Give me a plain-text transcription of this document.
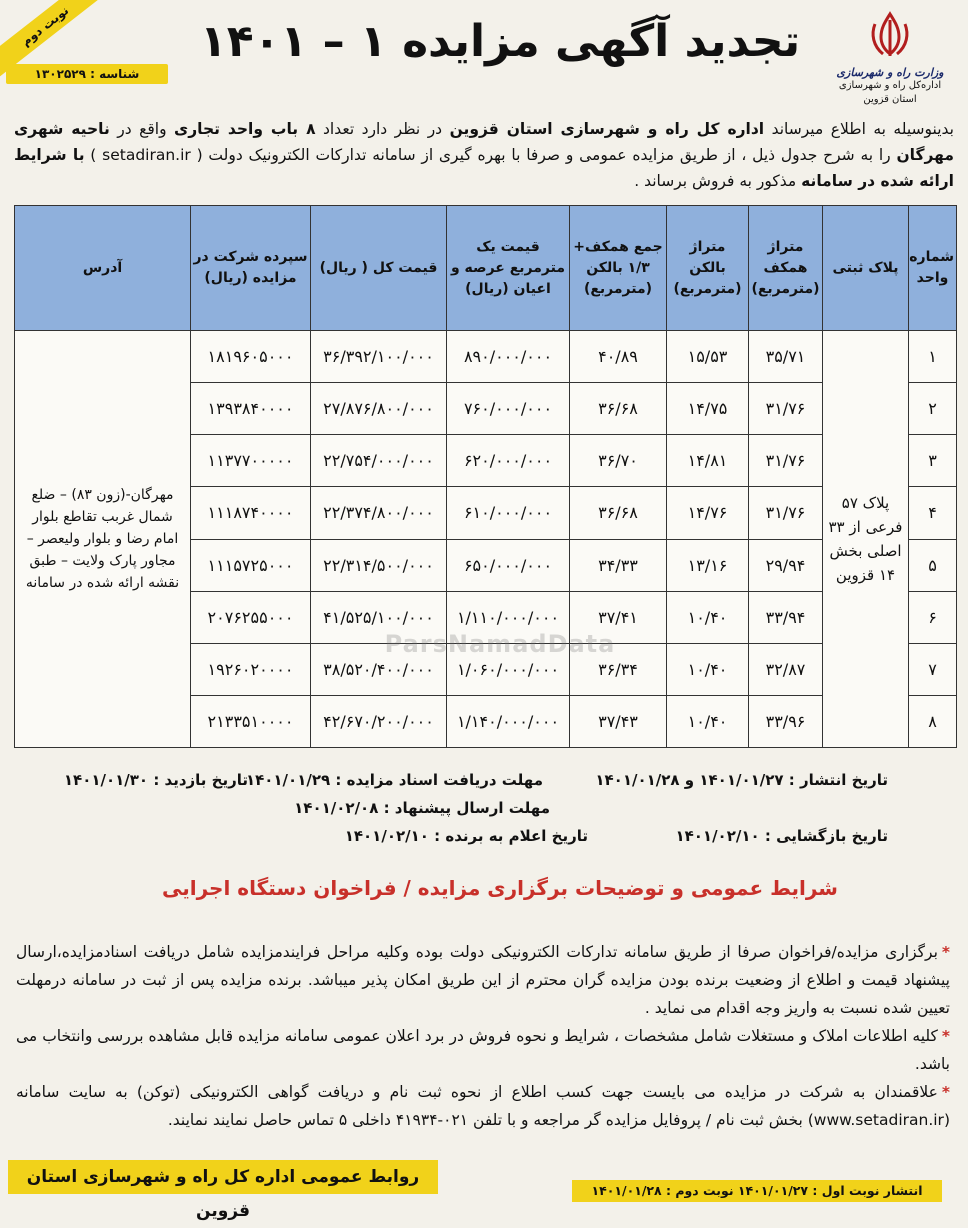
نوبت دوم
وزارت راه و شهرسازی
اداره‌کل راه و شهرسازی
استان قزوین
تجدید آگهی مزایده ۱ – ۱۴۰۱
شناسه : ۱۳۰۲۵۲۹
بدینوسیله به اطلاع میرساند اداره کل راه و شهرسازی استان قزوین در نظر دارد تعداد ۸ باب واحد تجاری واقع در ناحیه شهری مهرگان را به شرح جدول ذیل ، از طریق مزایده عمومی و صرفا با بهره گیری از سامانه تدارکات الکترونیک دولت ( setadiran.ir ) با شرایط ارائه شده در سامانه مذکور به فروش برساند .
شماره واحد	پلاک ثبتی	متراژ همکف (مترمربع)	متراژ بالکن (مترمربع)	جمع همکف+ ۱/۳ بالکن (مترمربع)	قیمت یک مترمربع عرصه و اعیان (ریال)	قیمت کل ( ریال)	سپرده شرکت در مزایده (ریال)	آدرس
۱	پلاک ۵۷ فرعی از ۳۳ اصلی بخش ۱۴ قزوین	۳۵/۷۱	۱۵/۵۳	۴۰/۸۹	۸۹۰/۰۰۰/۰۰۰	۳۶/۳۹۲/۱۰۰/۰۰۰	۱۸۱۹۶۰۵۰۰۰	مهرگان-(زون ۸۳) – ضلع شمال غربب تقاطع بلوار امام رضا و بلوار ولیعصر – مجاور پارک ولایت – طبق نقشه ارائه شده در سامانه
۲		۳۱/۷۶	۱۴/۷۵	۳۶/۶۸	۷۶۰/۰۰۰/۰۰۰	۲۷/۸۷۶/۸۰۰/۰۰۰	۱۳۹۳۸۴۰۰۰۰	
۳		۳۱/۷۶	۱۴/۸۱	۳۶/۷۰	۶۲۰/۰۰۰/۰۰۰	۲۲/۷۵۴/۰۰۰/۰۰۰	۱۱۳۷۷۰۰۰۰۰	
۴		۳۱/۷۶	۱۴/۷۶	۳۶/۶۸	۶۱۰/۰۰۰/۰۰۰	۲۲/۳۷۴/۸۰۰/۰۰۰	۱۱۱۸۷۴۰۰۰۰	
۵		۲۹/۹۴	۱۳/۱۶	۳۴/۳۳	۶۵۰/۰۰۰/۰۰۰	۲۲/۳۱۴/۵۰۰/۰۰۰	۱۱۱۵۷۲۵۰۰۰	
۶		۳۳/۹۴	۱۰/۴۰	۳۷/۴۱	۱/۱۱۰/۰۰۰/۰۰۰	۴۱/۵۲۵/۱۰۰/۰۰۰	۲۰۷۶۲۵۵۰۰۰	
۷		۳۲/۸۷	۱۰/۴۰	۳۶/۳۴	۱/۰۶۰/۰۰۰/۰۰۰	۳۸/۵۲۰/۴۰۰/۰۰۰	۱۹۲۶۰۲۰۰۰۰	
۸		۳۳/۹۶	۱۰/۴۰	۳۷/۴۳	۱/۱۴۰/۰۰۰/۰۰۰	۴۲/۶۷۰/۲۰۰/۰۰۰	۲۱۳۳۵۱۰۰۰۰	
ParsNamadData
تاریخ انتشار : ۱۴۰۱/۰۱/۲۷ و ۱۴۰۱/۰۱/۲۸
مهلت دریافت اسناد مزایده : ۱۴۰۱/۰۱/۲۹
تاریخ بازدید : ۱۴۰۱/۰۱/۳۰
مهلت ارسال پیشنهاد : ۱۴۰۱/۰۲/۰۸
تاریخ بازگشایی : ۱۴۰۱/۰۲/۱۰
تاریخ اعلام به برنده : ۱۴۰۱/۰۲/۱۰
شرایط عمومی و توضیحات برگزاری مزایده / فراخوان دستگاه اجرایی

*برگزاری مزایده/فراخوان صرفا از طریق سامانه تدارکات الکترونیکی دولت بوده وکلیه مراحل فرایندمزایده شامل دریافت اسنادمزایده،ارسال پیشنهاد قیمت و اطلاع از وضعیت برنده بودن مزایده گران محترم از این طریق امکان پذیر میباشد. برنده مزایده پس از ثبت در سامانه درمهلت تعیین شده نسبت به واریز وجه اقدام می نماید .

*کلیه اطلاعات املاک و مستغلات شامل مشخصات ، شرایط و نحوه فروش در برد اعلان عمومی سامانه مزایده قابل مشاهده بررسی وانتخاب می باشد.

*علاقمندان به شرکت در مزایده می بایست جهت کسب اطلاع از نحوه ثبت نام و دریافت گواهی الکترونیکی (توکن) به سایت سامانه (www.setadiran.ir) بخش ثبت نام / پروفایل مزایده گر مراجعه و با تلفن ۰۲۱-۴۱۹۳۴ داخلی ۵ تماس حاصل نمایند نمایند.

روابط عمومی اداره کل راه و شهرسازی استان قزوین
انتشار نوبت اول : ۱۴۰۱/۰۱/۲۷ نوبت دوم : ۱۴۰۱/۰۱/۲۸
